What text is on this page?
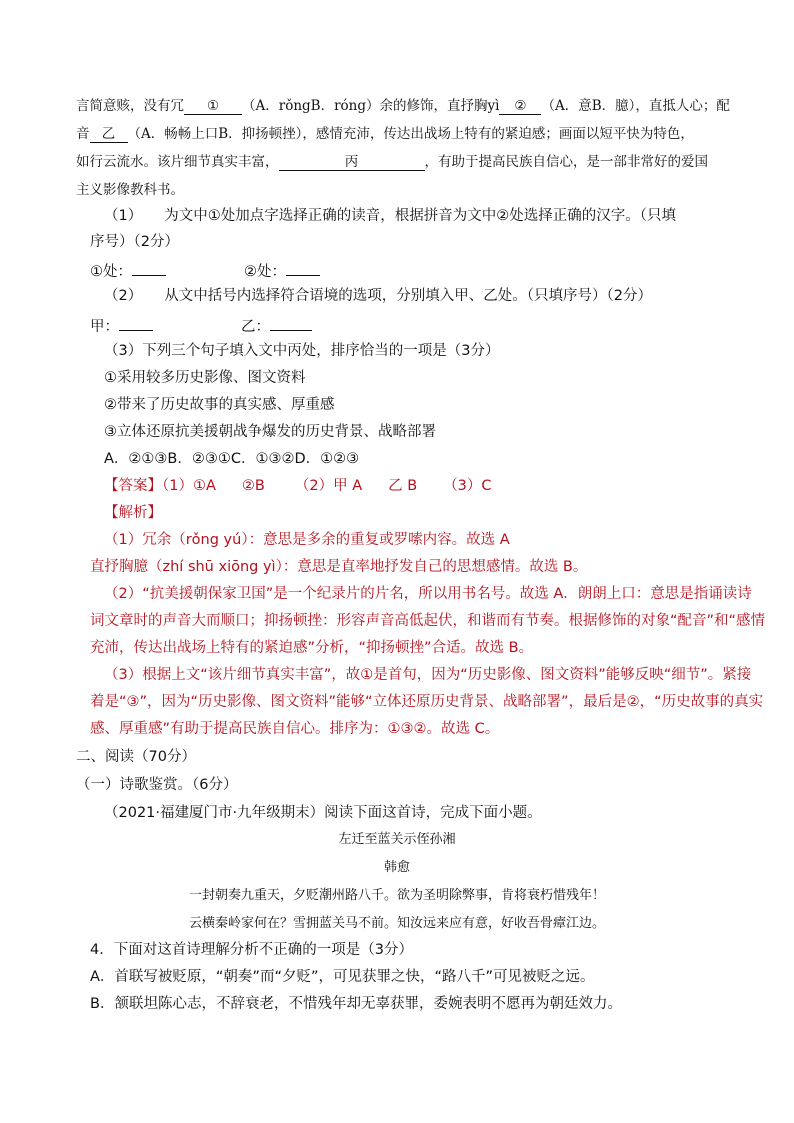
言简意赅，没有冗 ① （A．rǒngB．róng）余的修饰，直抒胸yì ② （A．意B．臆），直抵人心；配
音 乙 （A．畅畅上口B．抑扬顿挫），感情充沛，传达出战场上特有的紧迫感；画面以短平快为特色，
如行云流水。该片细节真实丰富，	丙	，有助于提高民族自信心，是一部非常好的爱国
主义影像教科书。
（1） 为文中①处加点字选择正确的读音，根据拼音为文中②处选择正确的汉字。（只填
序号）（2分）
①处：	②处：
（2） 从文中括号内选择符合语境的选项，分别填入甲、乙处。（只填序号）（2分）
甲：	乙：
（3）下列三个句子填入文中丙处，排序恰当的一项是（3分）
①采用较多历史影像、图文资料
②带来了历史故事的真实感、厚重感
③立体还原抗美援朝战争爆发的历史背景、战略部署
A．②①③B．②③①C．①③②D．①②③
【答案】（1）①A ②B （2）甲 A 乙 B （3）C
【解析】
（1）冗余（rǒng yú）：意思是多余的重复或罗嗦内容。故选 A
直抒胸臆（zhí shū xiōng yì）：意思是直率地抒发自己的思想感情。故选 B。
（2）“抗美援朝保家卫国”是一个纪录片的片名，所以用书名号。故选 A．朗朗上口：意思是指诵读诗
词文章时的声音大而顺口；抑扬顿挫：形容声音高低起伏，和谐而有节奏。根据修饰的对象“配音”和“感情
充沛，传达出战场上特有的紧迫感”分析，“抑扬顿挫”合适。故选 B。
（3）根据上文“该片细节真实丰富”，故①是首句，因为“历史影像、图文资料”能够反映“细节”。紧接
着是“③”，因为“历史影像、图文资料”能够“立体还原历史背景、战略部署”，最后是②，“历史故事的真实
感、厚重感”有助于提高民族自信心。排序为：①③②。故选 C。
二、阅读（70分）
（一）诗歌鉴赏。（6分）
（2021·福建厦门市·九年级期末）阅读下面这首诗，完成下面小题。
左迁至蓝关示侄孙湘
韩愈
一封朝奏九重天，夕贬潮州路八千。欲为圣明除弊事，肯将衰朽惜残年！
云横秦岭家何在？雪拥蓝关马不前。知汝远来应有意，好收吾骨瘴江边。
4．下面对这首诗理解分析不正确的一项是（3分）
A．首联写被贬原，“朝奏”而“夕贬”，可见获罪之快，“路八千”可见被贬之远。
B．颔联坦陈心志，不辞衰老，不惜残年却无辜获罪，委婉表明不愿再为朝廷效力。
